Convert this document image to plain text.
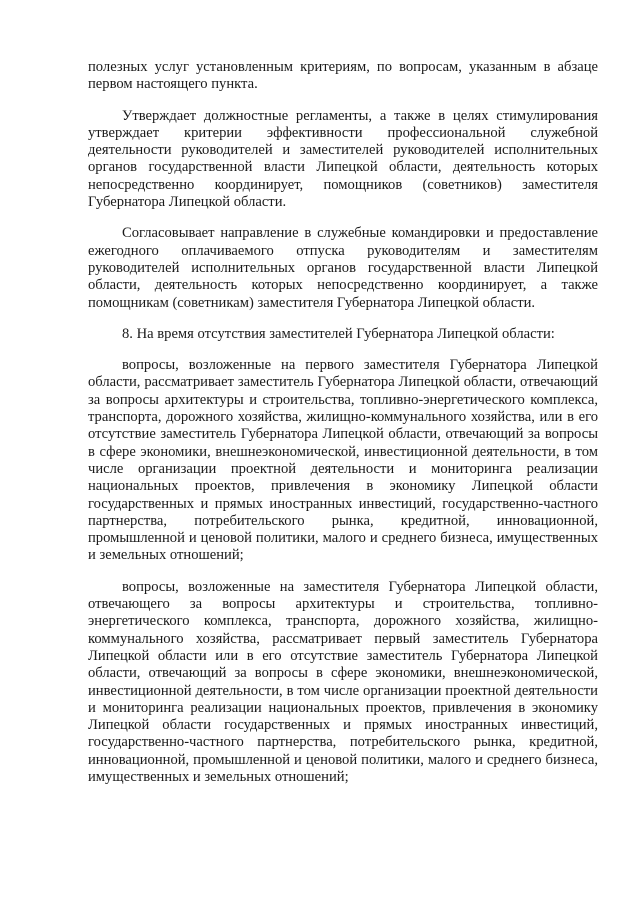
полезных услуг установленным критериям, по вопросам, указанным в абзаце первом настоящего пункта.

Утверждает должностные регламенты, а также в целях стимулирования утверждает критерии эффективности профессиональной служебной деятельности руководителей и заместителей руководителей исполнительных органов государственной власти Липецкой области, деятельность которых непосредственно координирует, помощников (советников) заместителя Губернатора Липецкой области.

Согласовывает направление в служебные командировки и предоставление ежегодного оплачиваемого отпуска руководителям и заместителям руководителей исполнительных органов государственной власти Липецкой области, деятельность которых непосредственно координирует, а также помощникам (советникам) заместителя Губернатора Липецкой области.

8. На время отсутствия заместителей Губернатора Липецкой области:

вопросы, возложенные на первого заместителя Губернатора Липецкой области, рассматривает заместитель Губернатора Липецкой области, отвечающий за вопросы архитектуры и строительства, топливно-энергетического комплекса, транспорта, дорожного хозяйства, жилищно-коммунального хозяйства, или в его отсутствие заместитель Губернатора Липецкой области, отвечающий за вопросы в сфере экономики, внешнеэкономической, инвестиционной деятельности, в том числе организации проектной деятельности и мониторинга реализации национальных проектов, привлечения в экономику Липецкой области государственных и прямых иностранных инвестиций, государственно-частного партнерства, потребительского рынка, кредитной, инновационной, промышленной и ценовой политики, малого и среднего бизнеса, имущественных и земельных отношений;

вопросы, возложенные на заместителя Губернатора Липецкой области, отвечающего за вопросы архитектуры и строительства, топливно-энергетического комплекса, транспорта, дорожного хозяйства, жилищно-коммунального хозяйства, рассматривает первый заместитель Губернатора Липецкой области или в его отсутствие заместитель Губернатора Липецкой области, отвечающий за вопросы в сфере экономики, внешнеэкономической, инвестиционной деятельности, в том числе организации проектной деятельности и мониторинга реализации национальных проектов, привлечения в экономику Липецкой области государственных и прямых иностранных инвестиций, государственно-частного партнерства, потребительского рынка, кредитной, инновационной, промышленной и ценовой политики, малого и среднего бизнеса, имущественных и земельных отношений;
